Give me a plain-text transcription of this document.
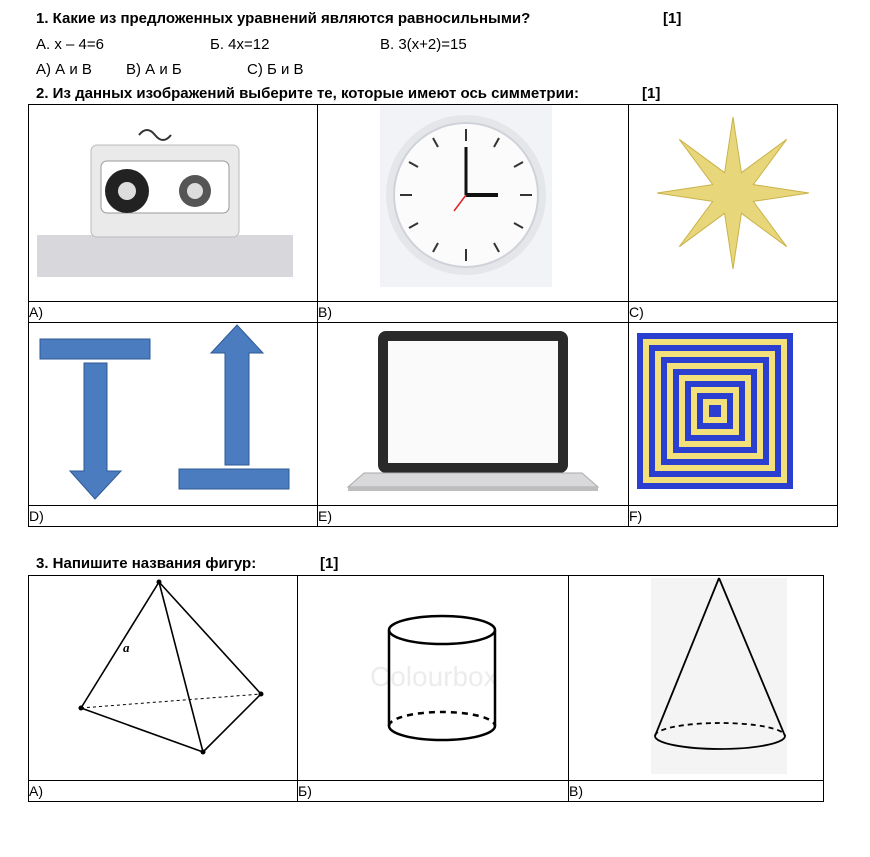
1. Какие из предложенных уравнений являются равносильными?	[1]
А. x – 4=6	Б. 4x=12	В. 3(x+2)=15
А) А и В В) А и Б	С) Б и В
2. Из данных изображений выберите те, которые имеют ось симметрии:	[1]

A)	B)	C)

D)	E)	F)
3. Напишите названия фигур:	[1]
a	Colourbox

А)	Б)	В)
